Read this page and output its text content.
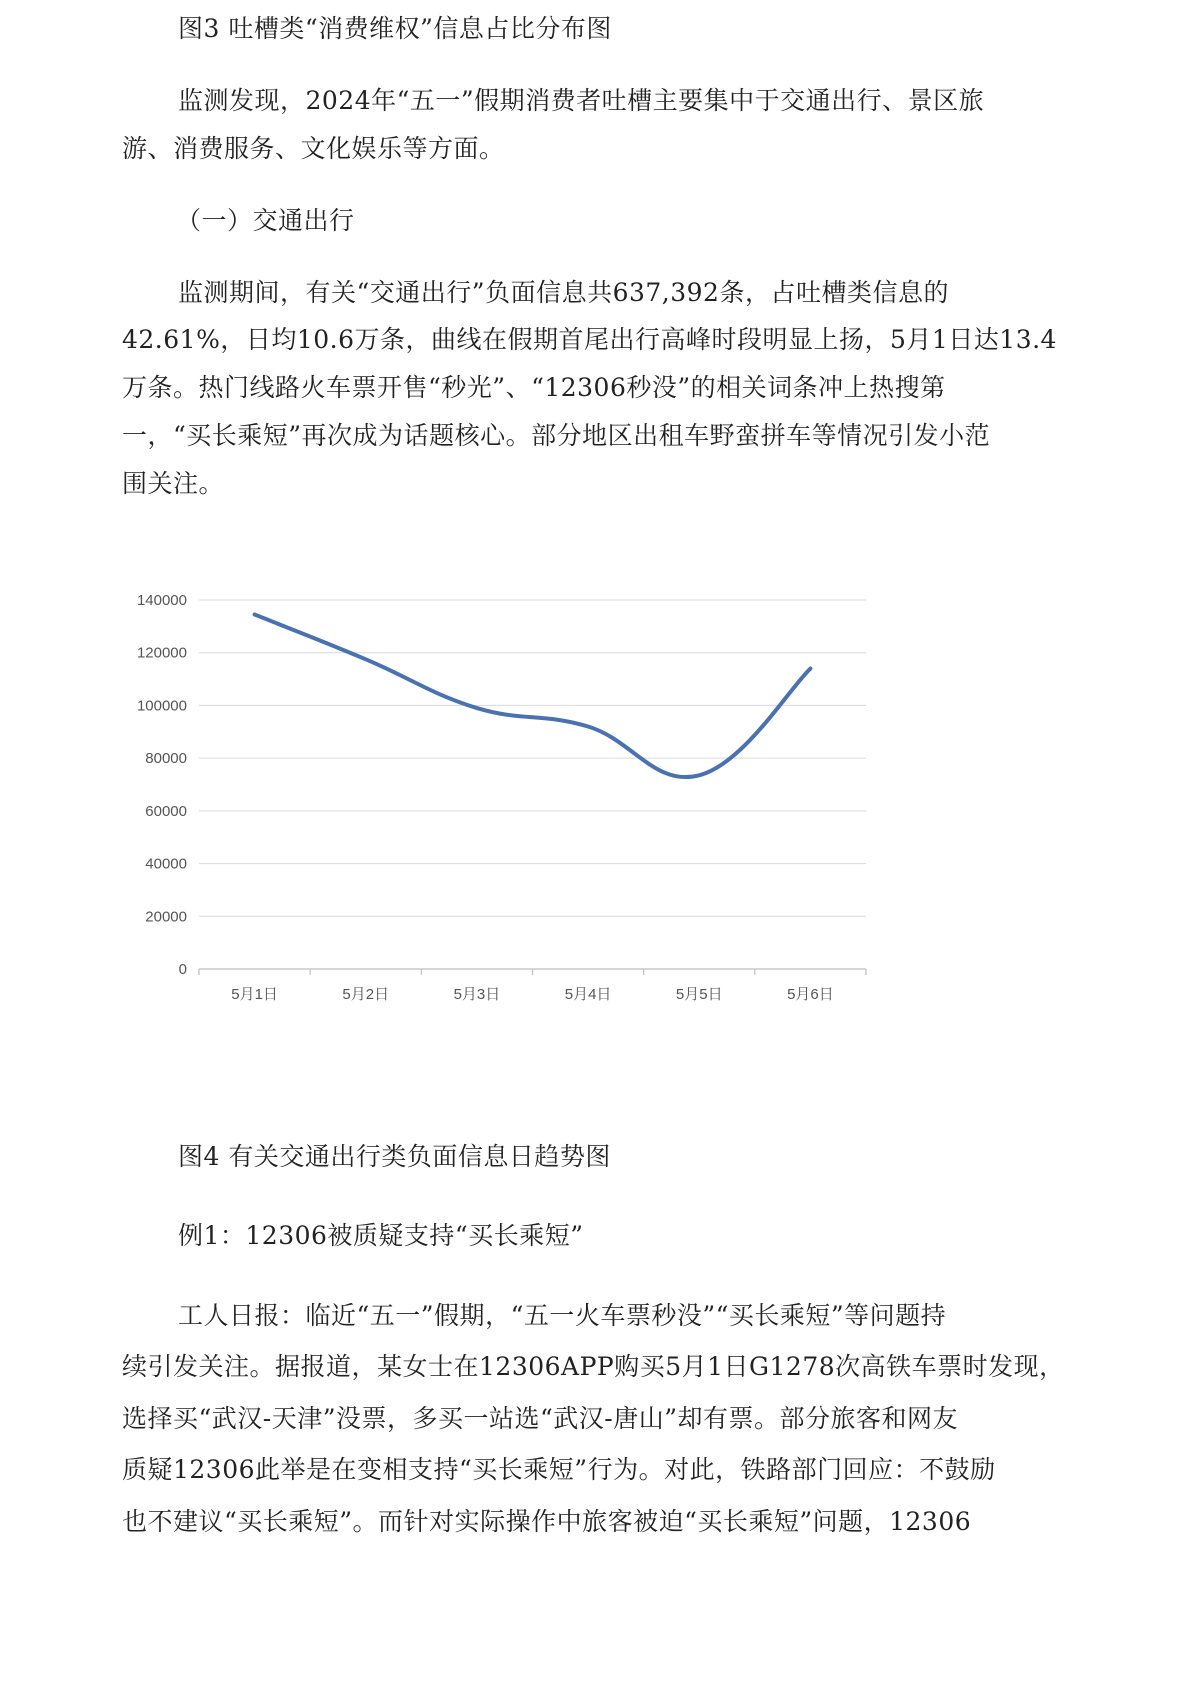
图3 吐槽类“消费维权”信息占比分布图
监测发现，2024年“五一”假期消费者吐槽主要集中于交通出行、景区旅
游、消费服务、文化娱乐等方面。
（一）交通出行
监测期间，有关“交通出行”负面信息共637,392条，占吐槽类信息的
42.61%，日均10.6万条，曲线在假期首尾出行高峰时段明显上扬，5月1日达13.4
万条。热门线路火车票开售“秒光”、“12306秒没”的相关词条冲上热搜第
一，“买长乘短”再次成为话题核心。部分地区出租车野蛮拼车等情况引发小范
围关注。
0
20000
40000
60000
80000
100000
120000
140000
5月1日	5月2日	5月3日	5月4日	5月5日	5月6日
图4 有关交通出行类负面信息日趋势图
例1：12306被质疑支持“买长乘短”
工人日报：临近“五一”假期，“五一火车票秒没”“买长乘短”等问题持
续引发关注。据报道，某女士在12306APP购买5月1日G1278次高铁车票时发现，
选择买“武汉-天津”没票，多买一站选“武汉-唐山”却有票。部分旅客和网友
质疑12306此举是在变相支持“买长乘短”行为。对此，铁路部门回应：不鼓励
也不建议“买长乘短”。而针对实际操作中旅客被迫“买长乘短”问题，12306
